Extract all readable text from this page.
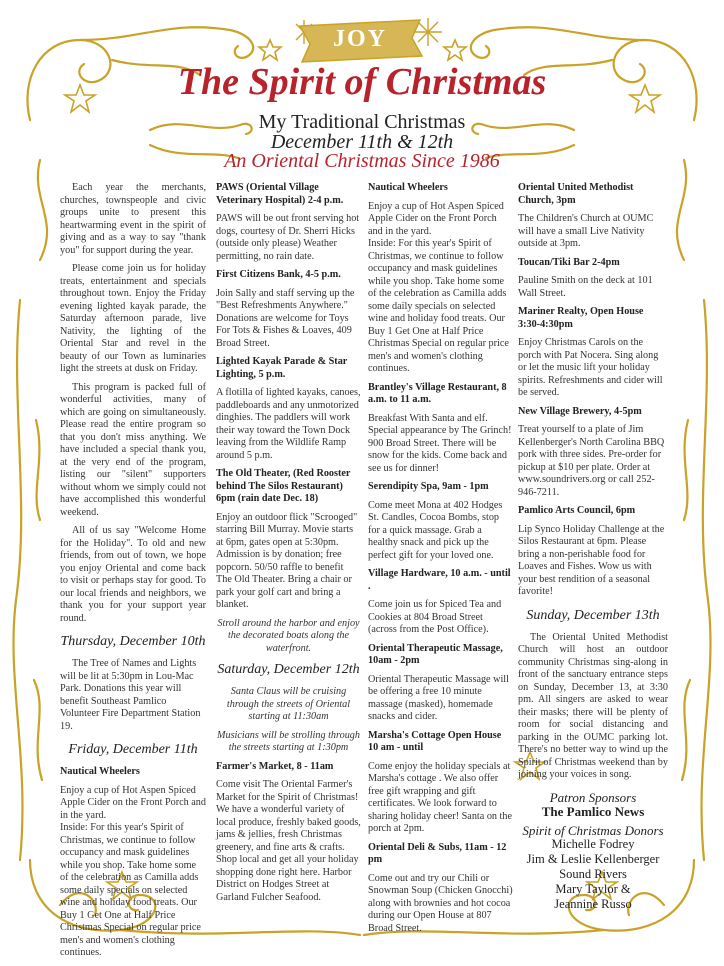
JOY
The Spirit of Christmas
My Traditional Christmas
December 11th & 12th
An Oriental Christmas Since 1986

Each year the merchants, churches, townspeople and civic groups unite to present this heartwarming event in the spirit of giving and as a way to say "thank you" for support during the year.

Please come join us for holiday treats, entertainment and specials throughout town. Enjoy the Friday evening lighted kayak parade, the Saturday afternoon parade, live Nativity, the lighting of the Oriental Star and revel in the beauty of our Town as luminaries light the streets at dusk on Friday.

This program is packed full of wonderful activities, many of which are going on simultaneously. Please read the entire program so that you don't miss anything. We have included a special thank you, at the very end of the program, listing our "silent" supporters without whom we simply could not have accomplished this wonderful weekend.

All of us say "Welcome Home for the Holiday". To old and new friends, from out of town, we hope you enjoy Oriental and come back to visit or perhaps stay for good. To our local friends and neighbors, we thank you for your support year round.

Thursday, December 10th

The Tree of Names and Lights will be lit at 5:30pm in Lou-Mac Park. Donations this year will benefit Southeast Pamlico Volunteer Fire Department Station 19.

Friday, December 11th

Nautical Wheelers

Enjoy a cup of Hot Aspen Spiced Apple Cider on the Front Porch and in the yard.

Inside: For this year's Spirit of Christmas, we continue to follow occupancy and mask guidelines while you shop. Take home some of the celebration as Camilla adds some daily specials on selected wine and holiday food treats. Our Buy 1 Get One at Half Price Christmas Special on regular price men's and women's clothing continues.

PAWS (Oriental Village Veterinary Hospital) 2-4 p.m.

PAWS will be out front serving hot dogs, courtesy of Dr. Sherri Hicks (outside only please) Weather permitting, no rain date.

First Citizens Bank, 4-5 p.m.

Join Sally and staff serving up the "Best Refreshments Anywhere." Donations are welcome for Toys For Tots & Fishes & Loaves, 409 Broad Street.

Lighted Kayak Parade & Star Lighting, 5 p.m.

A flotilla of lighted kayaks, canoes, paddleboards and any unmotorized dinghies. The paddlers will work their way toward the Town Dock leaving from the Wildlife Ramp around 5 p.m.

The Old Theater, (Red Rooster behind The Silos Restaurant) 6pm (rain date Dec. 18)

Enjoy an outdoor flick "Scrooged" starring Bill Murray. Movie starts at 6pm, gates open at 5:30pm. Admission is by donation; free popcorn. 50/50 raffle to benefit The Old Theater. Bring a chair or park your golf cart and bring a blanket.

Stroll around the harbor and enjoy the decorated boats along the waterfront.

Saturday, December 12th

Santa Claus will be cruising through the streets of Oriental starting at 11:30am

Musicians will be strolling through the streets starting at 1:30pm

Farmer's Market, 8 - 11am

Come visit The Oriental Farmer's Market for the Spirit of Christmas! We have a wonderful variety of local produce, freshly baked goods, jams & jellies, fresh Christmas greenery, and fine arts & crafts. Shop local and get all your holiday shopping done right here. Harbor District on Hodges Street at Garland Fulcher Seafood.

Nautical Wheelers

Enjoy a cup of Hot Aspen Spiced Apple Cider on the Front Porch and in the yard.

Inside: For this year's Spirit of Christmas, we continue to follow occupancy and mask guidelines while you shop. Take home some of the celebration as Camilla adds some daily specials on selected wine and holiday food treats. Our Buy 1 Get One at Half Price Christmas Special on regular price men's and women's clothing continues.

Brantley's Village Restaurant, 8 a.m. to 11 a.m.

Breakfast With Santa and elf. Special appearance by The Grinch! 900 Broad Street. There will be snow for the kids. Come back and see us for dinner!

Serendipity Spa, 9am - 1pm

Come meet Mona at 402 Hodges St. Candles, Cocoa Bombs, stop for a quick massage. Grab a healthy snack and pick up the perfect gift for your loved one.

Village Hardware, 10 a.m. - until .

Come join us for Spiced Tea and Cookies at 804 Broad Street (across from the Post Office).

Oriental Therapeutic Massage, 10am - 2pm

Oriental Therapeutic Massage will be offering a free 10 minute massage (masked), homemade snacks and cider.

Marsha's Cottage Open House 10 am - until

Come enjoy the holiday specials at Marsha's cottage . We also offer free gift wrapping and gift certificates. We look forward to sharing holiday cheer! Santa on the porch at 2pm.

Oriental Deli & Subs, 11am - 12 pm

Come out and try our Chili or Snowman Soup (Chicken Gnocchi) along with brownies and hot cocoa during our Open House at 807 Broad Street.

Oriental United Methodist Church, 3pm

The Children's Church at OUMC will have a small Live Nativity outside at 3pm.

Toucan/Tiki Bar 2-4pm

Pauline Smith on the deck at 101 Wall Street.

Mariner Realty, Open House 3:30-4:30pm

Enjoy Christmas Carols on the porch with Pat Nocera. Sing along or let the music lift your holiday spirits. Refreshments and cider will be served.

New Village Brewery, 4-5pm

Treat yourself to a plate of Jim Kellenberger's North Carolina BBQ pork with three sides. Pre-order for pickup at $10 per plate. Order at www.soundrivers.org or call 252-946-7211.

Pamlico Arts Council, 6pm

Lip Synco Holiday Challenge at the Silos Restaurant at 6pm. Please bring a non-perishable food for Loaves and Fishes. Wow us with your best rendition of a seasonal favorite!

Sunday, December 13th

The Oriental United Methodist Church will host an outdoor community Christmas sing-along in front of the sanctuary entrance steps on Sunday, December 13, at 3:30 pm. All singers are asked to wear their masks; there will be plenty of room for social distancing and parking in the OUMC parking lot. There's no better way to wind up the Spirit of Christmas weekend than by joining your voices in song.

Patron Sponsors
The Pamlico News
Spirit of Christmas Donors
Michelle Fodrey
Jim & Leslie Kellenberger
Sound Rivers
Mary Taylor &
Jeannine Russo
